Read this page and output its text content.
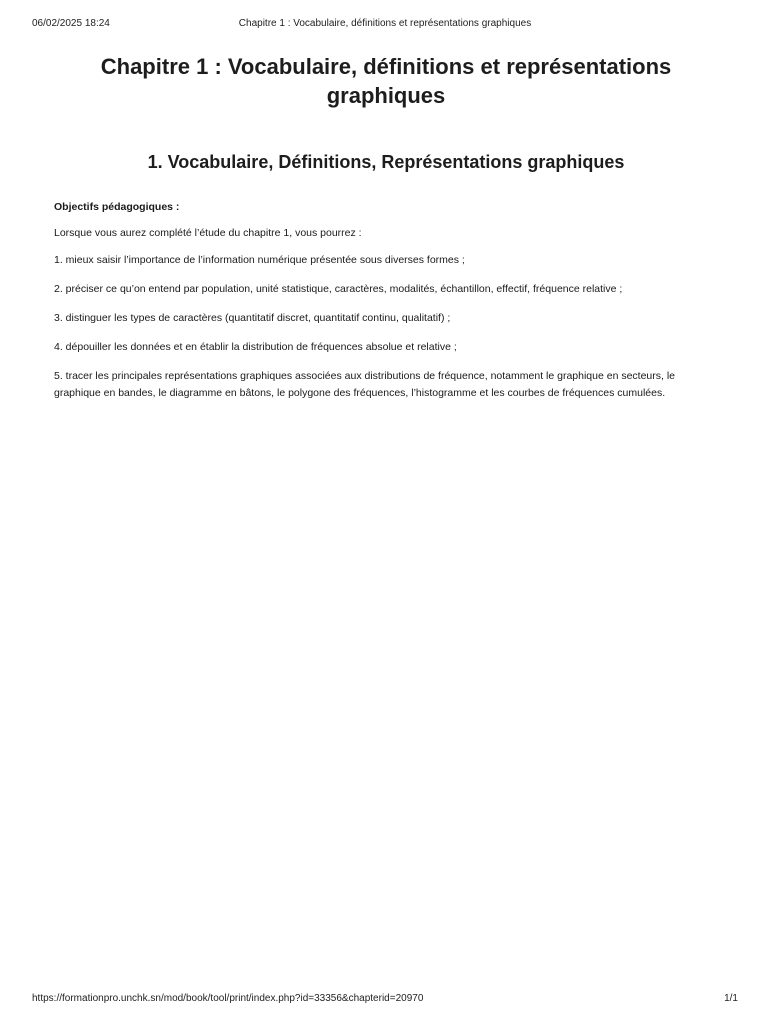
06/02/2025 18:24	Chapitre 1 : Vocabulaire, définitions et représentations graphiques
Chapitre 1 : Vocabulaire, définitions et représentations graphiques
1. Vocabulaire, Définitions, Représentations graphiques
Objectifs pédagogiques :
Lorsque vous aurez complété l’étude du chapitre 1, vous pourrez :
1. mieux saisir l’importance de l’information numérique présentée sous diverses formes ;
2. préciser ce qu’on entend par population, unité statistique, caractères, modalités, échantillon, effectif, fréquence relative ;
3. distinguer les types de caractères (quantitatif discret, quantitatif continu, qualitatif) ;
4. dépouiller les données et en établir la distribution de fréquences absolue et relative ;
5. tracer les principales représentations graphiques associées aux distributions de fréquence, notamment le graphique en secteurs, le graphique en bandes, le diagramme en bâtons, le polygone des fréquences, l’histogramme et les courbes de fréquences cumulées.
https://formationpro.unchk.sn/mod/book/tool/print/index.php?id=33356&chapterid=20970	1/1
